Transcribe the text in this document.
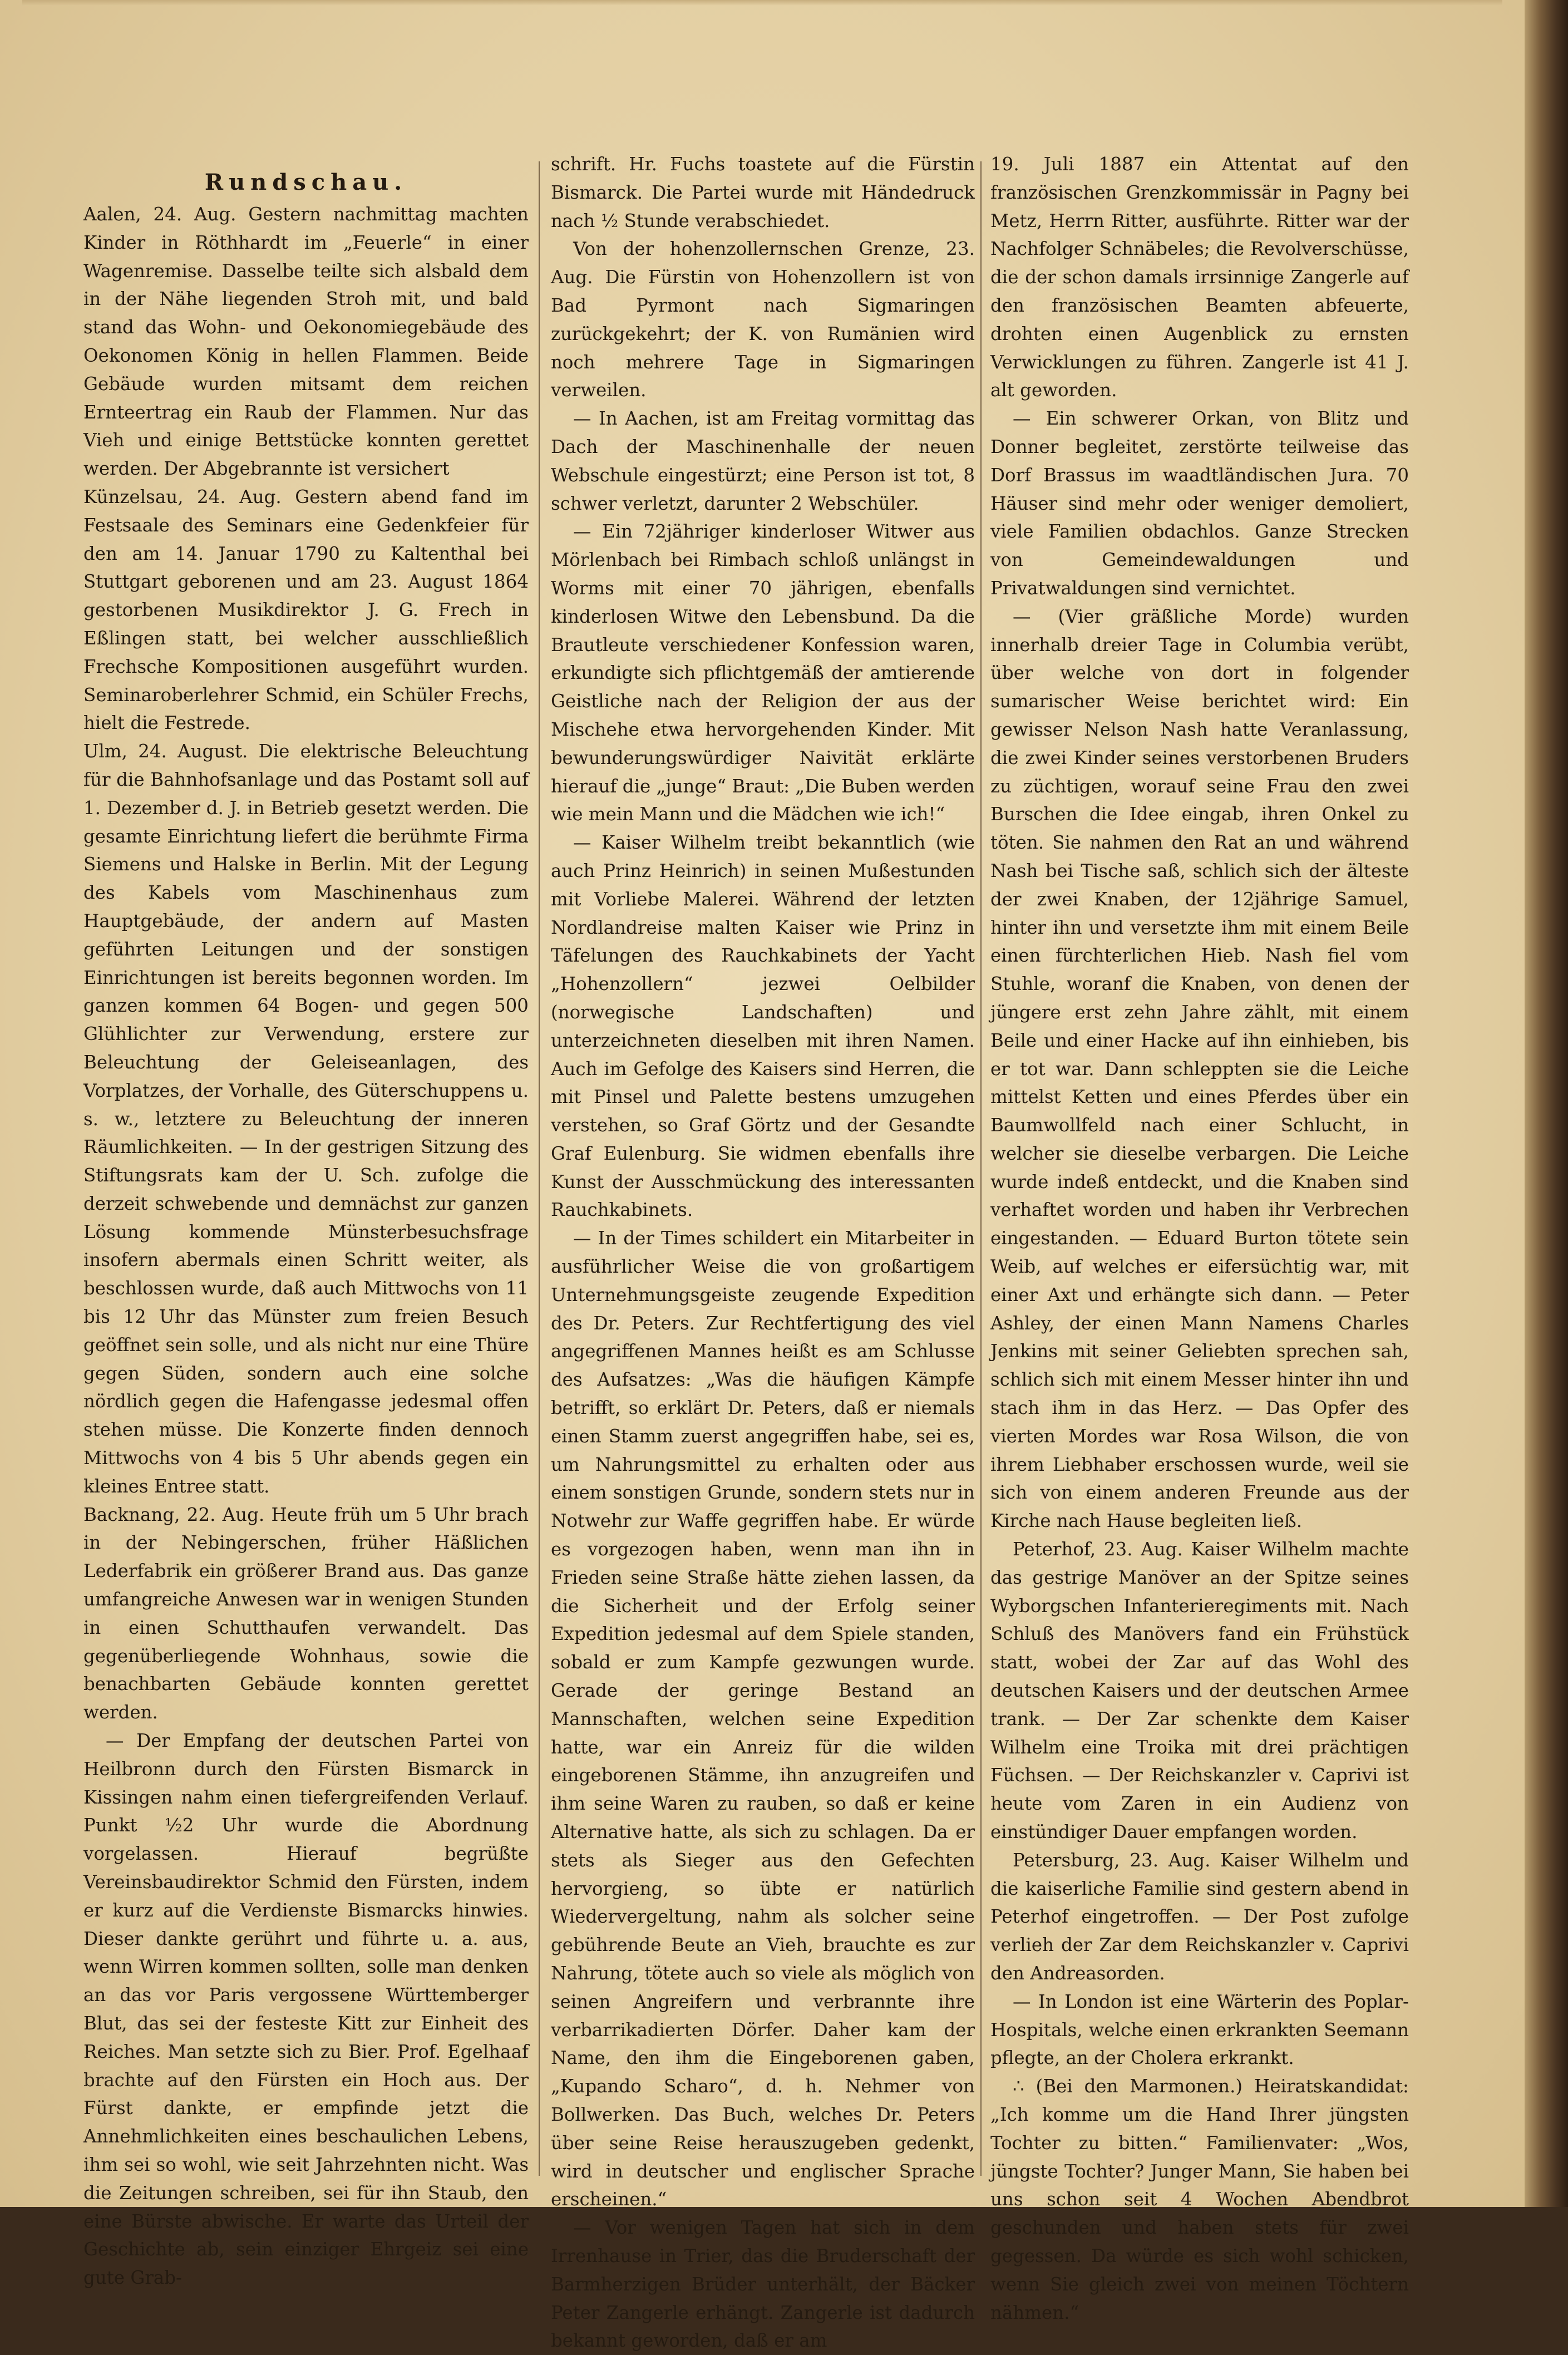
Rundschau.

Aalen, 24. Aug. Gestern nachmittag machten Kinder in Röthhardt im „Feuerle“ in einer Wagenremise. Dasselbe teilte sich alsbald dem in der Nähe liegenden Stroh mit, und bald stand das Wohn- und Oekonomiegebäude des Oekonomen König in hellen Flammen. Beide Gebäude wurden mitsamt dem reichen Ernteertrag ein Raub der Flammen. Nur das Vieh und einige Bettstücke konnten gerettet werden. Der Abgebrannte ist versichert

Künzelsau, 24. Aug. Gestern abend fand im Festsaale des Seminars eine Gedenkfeier für den am 14. Januar 1790 zu Kaltenthal bei Stuttgart geborenen und am 23. August 1864 gestorbenen Musikdirektor J. G. Frech in Eßlingen statt, bei welcher ausschließlich Frechsche Kompositionen ausgeführt wurden. Seminaroberlehrer Schmid, ein Schüler Frechs, hielt die Festrede.

Ulm, 24. August. Die elektrische Beleuchtung für die Bahnhofsanlage und das Postamt soll auf 1. Dezember d. J. in Betrieb gesetzt werden. Die gesamte Einrichtung liefert die berühmte Firma Siemens und Halske in Berlin. Mit der Legung des Kabels vom Maschinenhaus zum Hauptgebäude, der andern auf Masten geführten Leitungen und der sonstigen Einrichtungen ist bereits begonnen worden. Im ganzen kommen 64 Bogen- und gegen 500 Glühlichter zur Verwendung, erstere zur Beleuchtung der Geleiseanlagen, des Vorplatzes, der Vorhalle, des Güterschuppens u. s. w., letztere zu Beleuchtung der inneren Räumlichkeiten. — In der gestrigen Sitzung des Stiftungsrats kam der U. Sch. zufolge die derzeit schwebende und demnächst zur ganzen Lösung kommende Münsterbesuchsfrage insofern abermals einen Schritt weiter, als beschlossen wurde, daß auch Mittwochs von 11 bis 12 Uhr das Münster zum freien Besuch geöffnet sein solle, und als nicht nur eine Thüre gegen Süden, sondern auch eine solche nördlich gegen die Hafengasse jedesmal offen stehen müsse. Die Konzerte finden dennoch Mittwochs von 4 bis 5 Uhr abends gegen ein kleines Entree statt.

Backnang, 22. Aug. Heute früh um 5 Uhr brach in der Nebingerschen, früher Häßlichen Lederfabrik ein größerer Brand aus. Das ganze umfangreiche Anwesen war in wenigen Stunden in einen Schutthaufen verwandelt. Das gegenüberliegende Wohnhaus, sowie die benachbarten Gebäude konnten gerettet werden.

— Der Empfang der deutschen Partei von Heilbronn durch den Fürsten Bismarck in Kissingen nahm einen tiefergreifenden Verlauf. Punkt ½2 Uhr wurde die Abordnung vorgelassen. Hierauf begrüßte Vereinsbaudirektor Schmid den Fürsten, indem er kurz auf die Verdienste Bismarcks hinwies. Dieser dankte gerührt und führte u. a. aus, wenn Wirren kommen sollten, solle man denken an das vor Paris vergossene Württemberger Blut, das sei der festeste Kitt zur Einheit des Reiches. Man setzte sich zu Bier. Prof. Egelhaaf brachte auf den Fürsten ein Hoch aus. Der Fürst dankte, er empfinde jetzt die Annehmlichkeiten eines beschaulichen Lebens, ihm sei so wohl, wie seit Jahrzehnten nicht. Was die Zeitungen schreiben, sei für ihn Staub, den eine Bürste abwische. Er warte das Urteil der Geschichte ab, sein einziger Ehrgeiz sei eine gute Grab-

schrift. Hr. Fuchs toastete auf die Fürstin Bismarck. Die Partei wurde mit Händedruck nach ½ Stunde verabschiedet.

Von der hohenzollernschen Grenze, 23. Aug. Die Fürstin von Hohenzollern ist von Bad Pyrmont nach Sigmaringen zurückgekehrt; der K. von Rumänien wird noch mehrere Tage in Sigmaringen verweilen.

— In Aachen, ist am Freitag vormittag das Dach der Maschinenhalle der neuen Webschule eingestürzt; eine Person ist tot, 8 schwer verletzt, darunter 2 Webschüler.

— Ein 72jähriger kinderloser Witwer aus Mörlenbach bei Rimbach schloß unlängst in Worms mit einer 70 jährigen, ebenfalls kinderlosen Witwe den Lebensbund. Da die Brautleute verschiedener Konfession waren, erkundigte sich pflichtgemäß der amtierende Geistliche nach der Religion der aus der Mischehe etwa hervorgehenden Kinder. Mit bewunderungswürdiger Naivität erklärte hierauf die „junge“ Braut: „Die Buben werden wie mein Mann und die Mädchen wie ich!“

— Kaiser Wilhelm treibt bekanntlich (wie auch Prinz Heinrich) in seinen Mußestunden mit Vorliebe Malerei. Während der letzten Nordlandreise malten Kaiser wie Prinz in Täfelungen des Rauchkabinets der Yacht „Hohenzollern“ jezwei Oelbilder (norwegische Landschaften) und unterzeichneten dieselben mit ihren Namen. Auch im Gefolge des Kaisers sind Herren, die mit Pinsel und Palette bestens umzugehen verstehen, so Graf Görtz und der Gesandte Graf Eulenburg. Sie widmen ebenfalls ihre Kunst der Ausschmückung des interessanten Rauchkabinets.

— In der Times schildert ein Mitarbeiter in ausführlicher Weise die von großartigem Unternehmungsgeiste zeugende Expedition des Dr. Peters. Zur Rechtfertigung des viel angegriffenen Mannes heißt es am Schlusse des Aufsatzes: „Was die häufigen Kämpfe betrifft, so erklärt Dr. Peters, daß er niemals einen Stamm zuerst angegriffen habe, sei es, um Nahrungsmittel zu erhalten oder aus einem sonstigen Grunde, sondern stets nur in Notwehr zur Waffe gegriffen habe. Er würde es vorgezogen haben, wenn man ihn in Frieden seine Straße hätte ziehen lassen, da die Sicherheit und der Erfolg seiner Expedition jedesmal auf dem Spiele standen, sobald er zum Kampfe gezwungen wurde. Gerade der geringe Bestand an Mannschaften, welchen seine Expedition hatte, war ein Anreiz für die wilden eingeborenen Stämme, ihn anzugreifen und ihm seine Waren zu rauben, so daß er keine Alternative hatte, als sich zu schlagen. Da er stets als Sieger aus den Gefechten hervorgieng, so übte er natürlich Wiedervergeltung, nahm als solcher seine gebührende Beute an Vieh, brauchte es zur Nahrung, tötete auch so viele als möglich von seinen Angreifern und verbrannte ihre verbarrikadierten Dörfer. Daher kam der Name, den ihm die Eingeborenen gaben, „Kupando Scharo“, d. h. Nehmer von Bollwerken. Das Buch, welches Dr. Peters über seine Reise herauszugeben gedenkt, wird in deutscher und englischer Sprache erscheinen.“

— Vor wenigen Tagen hat sich in dem Irrenhause in Trier, das die Bruderschaft der Barmherzigen Brüder unterhält, der Bäcker Peter Zangerle erhängt. Zangerle ist dadurch bekannt geworden, daß er am

19. Juli 1887 ein Attentat auf den französischen Grenzkommissär in Pagny bei Metz, Herrn Ritter, ausführte. Ritter war der Nachfolger Schnäbeles; die Revolverschüsse, die der schon damals irrsinnige Zangerle auf den französischen Beamten abfeuerte, drohten einen Augenblick zu ernsten Verwicklungen zu führen. Zangerle ist 41 J. alt geworden.

— Ein schwerer Orkan, von Blitz und Donner begleitet, zerstörte teilweise das Dorf Brassus im waadtländischen Jura. 70 Häuser sind mehr oder weniger demoliert, viele Familien obdachlos. Ganze Strecken von Gemeindewaldungen und Privatwaldungen sind vernichtet.

— (Vier gräßliche Morde) wurden innerhalb dreier Tage in Columbia verübt, über welche von dort in folgender sumarischer Weise berichtet wird: Ein gewisser Nelson Nash hatte Veranlassung, die zwei Kinder seines verstorbenen Bruders zu züchtigen, worauf seine Frau den zwei Burschen die Idee eingab, ihren Onkel zu töten. Sie nahmen den Rat an und während Nash bei Tische saß, schlich sich der älteste der zwei Knaben, der 12jährige Samuel, hinter ihn und versetzte ihm mit einem Beile einen fürchterlichen Hieb. Nash fiel vom Stuhle, woranf die Knaben, von denen der jüngere erst zehn Jahre zählt, mit einem Beile und einer Hacke auf ihn einhieben, bis er tot war. Dann schleppten sie die Leiche mittelst Ketten und eines Pferdes über ein Baumwollfeld nach einer Schlucht, in welcher sie dieselbe verbargen. Die Leiche wurde indeß entdeckt, und die Knaben sind verhaftet worden und haben ihr Verbrechen eingestanden. — Eduard Burton tötete sein Weib, auf welches er eifersüchtig war, mit einer Axt und erhängte sich dann. — Peter Ashley, der einen Mann Namens Charles Jenkins mit seiner Geliebten sprechen sah, schlich sich mit einem Messer hinter ihn und stach ihm in das Herz. — Das Opfer des vierten Mordes war Rosa Wilson, die von ihrem Liebhaber erschossen wurde, weil sie sich von einem anderen Freunde aus der Kirche nach Hause begleiten ließ.

Peterhof, 23. Aug. Kaiser Wilhelm machte das gestrige Manöver an der Spitze seines Wyborgschen Infanterieregiments mit. Nach Schluß des Manövers fand ein Frühstück statt, wobei der Zar auf das Wohl des deutschen Kaisers und der deutschen Armee trank. — Der Zar schenkte dem Kaiser Wilhelm eine Troika mit drei prächtigen Füchsen. — Der Reichskanzler v. Caprivi ist heute vom Zaren in ein Audienz von einstündiger Dauer empfangen worden.

Petersburg, 23. Aug. Kaiser Wilhelm und die kaiserliche Familie sind gestern abend in Peterhof eingetroffen. — Der Post zufolge verlieh der Zar dem Reichskanzler v. Caprivi den Andreasorden.

— In London ist eine Wärterin des Poplar-Hospitals, welche einen erkrankten Seemann pflegte, an der Cholera erkrankt.

∴ (Bei den Marmonen.) Heiratskandidat: „Ich komme um die Hand Ihrer jüngsten Tochter zu bitten.“ Familienvater: „Wos, jüngste Tochter? Junger Mann, Sie haben bei uns schon seit 4 Wochen Abendbrot geschunden und haben stets für zwei gegessen. Da würde es sich wohl schicken, wenn Sie gleich zwei von meinen Töchtern nähmen.“
